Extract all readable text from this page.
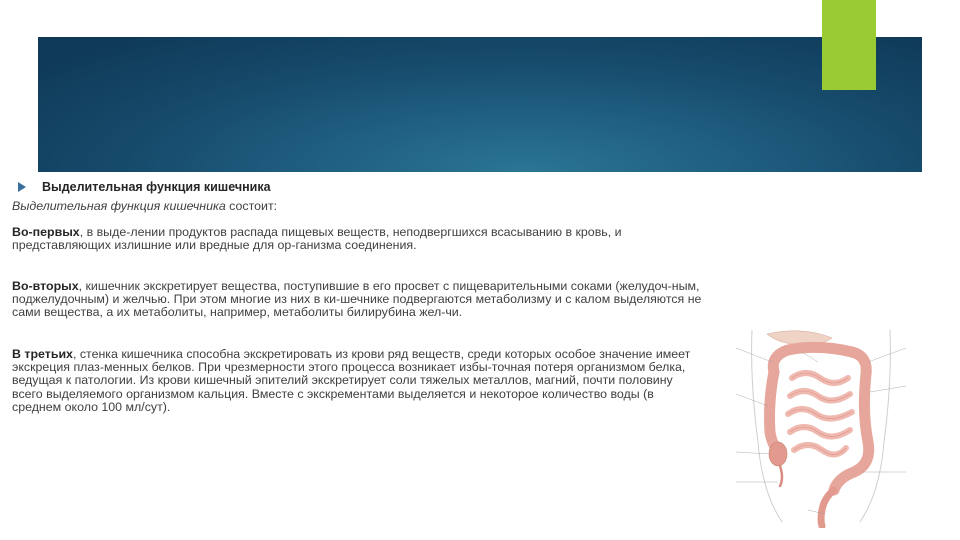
Выделительная функция кишечника
Выделительная функция кишечника состоит:
Во-первых, в выде-лении продуктов распада пищевых веществ, неподвергшихся всасыванию в кровь, и представляющих излишние или вредные для ор-ганизма соединения.
Во-вторых, кишечник экскретирует вещества, поступившие в его просвет с пищеварительными соками (желудоч-ным, поджелудочным) и желчью. При этом многие из них в ки-шечнике подвергаются метаболизму и с калом выделяются не сами вещества, а их метаболиты, например, метаболиты билирубина жел-чи.
В третьих, стенка кишечника способна экскретировать из крови ряд веществ, среди которых особое значение имеет экскреция плаз-менных белков. При чрезмерности этого процесса возникает избы-точная потеря организмом белка, ведущая к патологии. Из крови кишечный эпителий экскретирует соли тяжелых металлов, магний, почти половину всего выделяемого организмом кальция. Вместе с экскрементами выделяется и некоторое количество воды (в среднем около 100 мл/сут).
